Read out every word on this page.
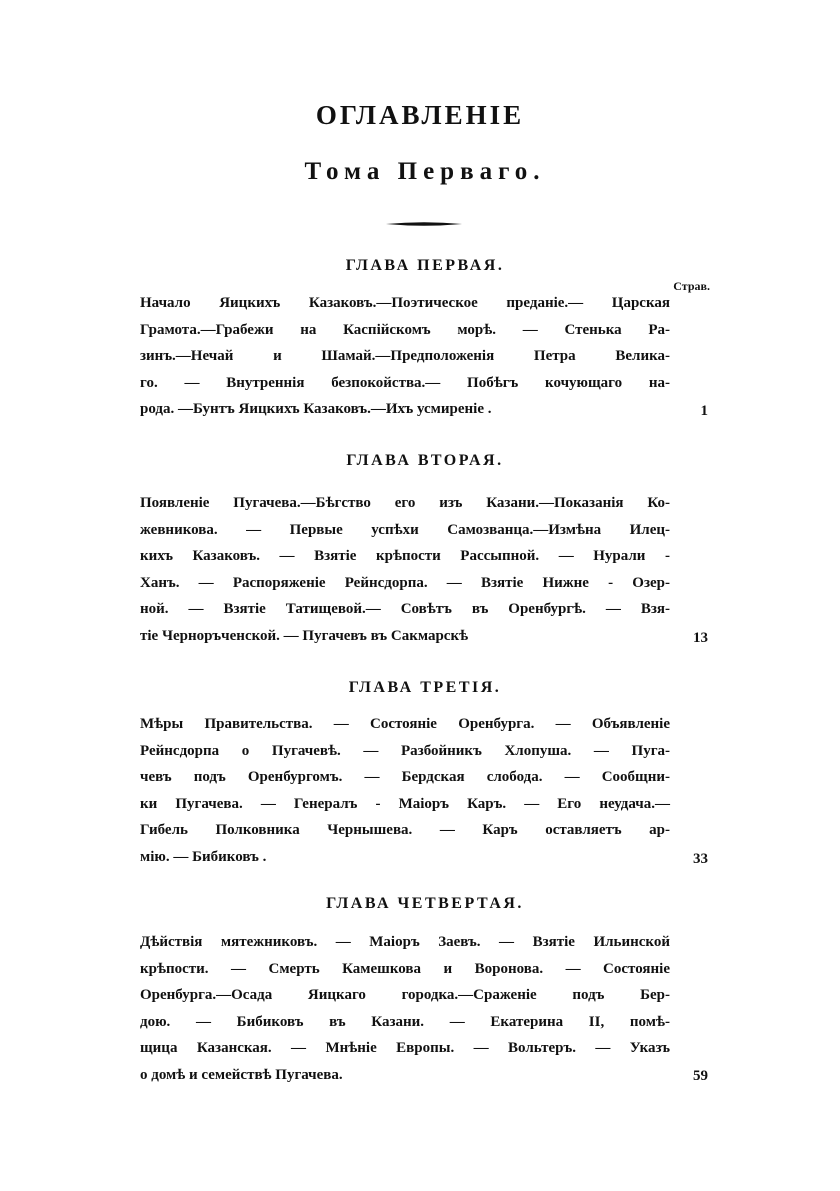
ОГЛАВЛЕНІЕ
Тома Перваго.
ГЛАВА ПЕРВАЯ.
Страв.
Начало Яицкихъ Казаковъ.—Поэтическое преданіе.— Царская
Грамота.—Грабежи на Каспійскомъ морѣ. — Стенька Ра-
зинъ.—Нечай и Шамай.—Предположенія Петра Велика-
го. — Внутреннія безпокойства.— Побѣгъ кочующаго на-
рода. —Бунтъ Яицкихъ Казаковъ.—Ихъ усмиреніе .	1
ГЛАВА ВТОРАЯ.
Появленіе Пугачева.—Бѣгство его изъ Казани.—Показанія Ко-
жевникова. — Первые успѣхи Самозванца.—Измѣна Илец-
кихъ Казаковъ. — Взятіе крѣпости Рассыпной. — Нурали -
Ханъ. — Распоряженіе Рейнсдорпа. — Взятіе Нижне - Озер-
ной. — Взятіе Татищевой.— Совѣтъ въ Оренбургѣ. — Взя-
тіе Черноръченской. — Пугачевъ въ Сакмарскѣ	13
ГЛАВА ТРЕТІЯ.
Мѣры Правительства. — Состояніе Оренбурга. — Объявленіе
Рейнсдорпа о Пугачевѣ. — Разбойникъ Хлопуша. — Пуга-
чевъ подъ Оренбургомъ. — Бердская слобода. — Сообщни-
ки Пугачева. — Генералъ - Маіоръ Каръ. — Его неудача.—
Гибель Полковника Чернышева. — Каръ оставляетъ ар-
мію. — Бибиковъ .	33
ГЛАВА ЧЕТВЕРТАЯ.
Дѣйствія мятежниковъ. — Маіоръ Заевъ. — Взятіе Ильинской
крѣпости. — Смерть Камешкова и Воронова. — Состояніе
Оренбурга.—Осада Яицкаго городка.—Сраженіе подъ Бер-
дою. — Бибиковъ въ Казани. — Екатерина II, помѣ-
щица Казанская. — Мнѣніе Европы. — Вольтеръ. — Указъ
о домѣ и семействѣ Пугачева.	59
